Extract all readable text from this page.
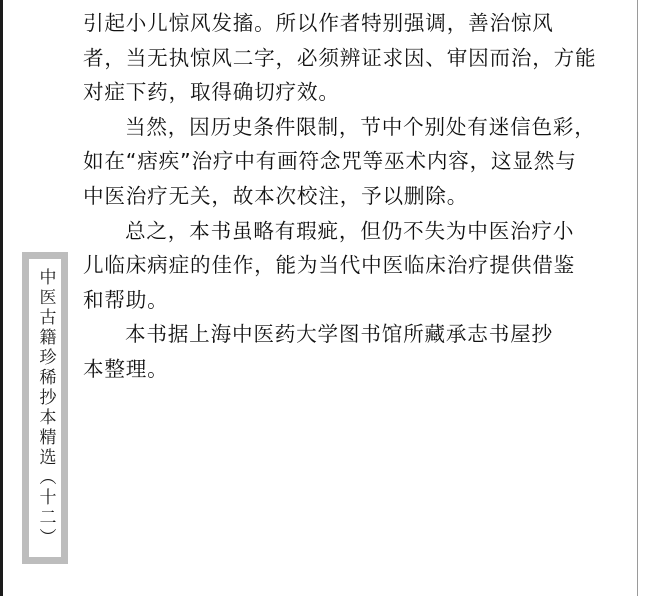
中医古籍珍稀抄本精选（十二）

引起小儿惊风发搐。所以作者特别强调，善治惊风
者，当无执惊风二字，必须辨证求因、审因而治，方能
对症下药，取得确切疗效。

当然，因历史条件限制，节中个别处有迷信色彩，
如在“痞疾”治疗中有画符念咒等巫术内容，这显然与
中医治疗无关，故本次校注，予以删除。

总之，本书虽略有瑕疵，但仍不失为中医治疗小
儿临床病症的佳作，能为当代中医临床治疗提供借鉴
和帮助。

本书据上海中医药大学图书馆所藏承志书屋抄
本整理。
